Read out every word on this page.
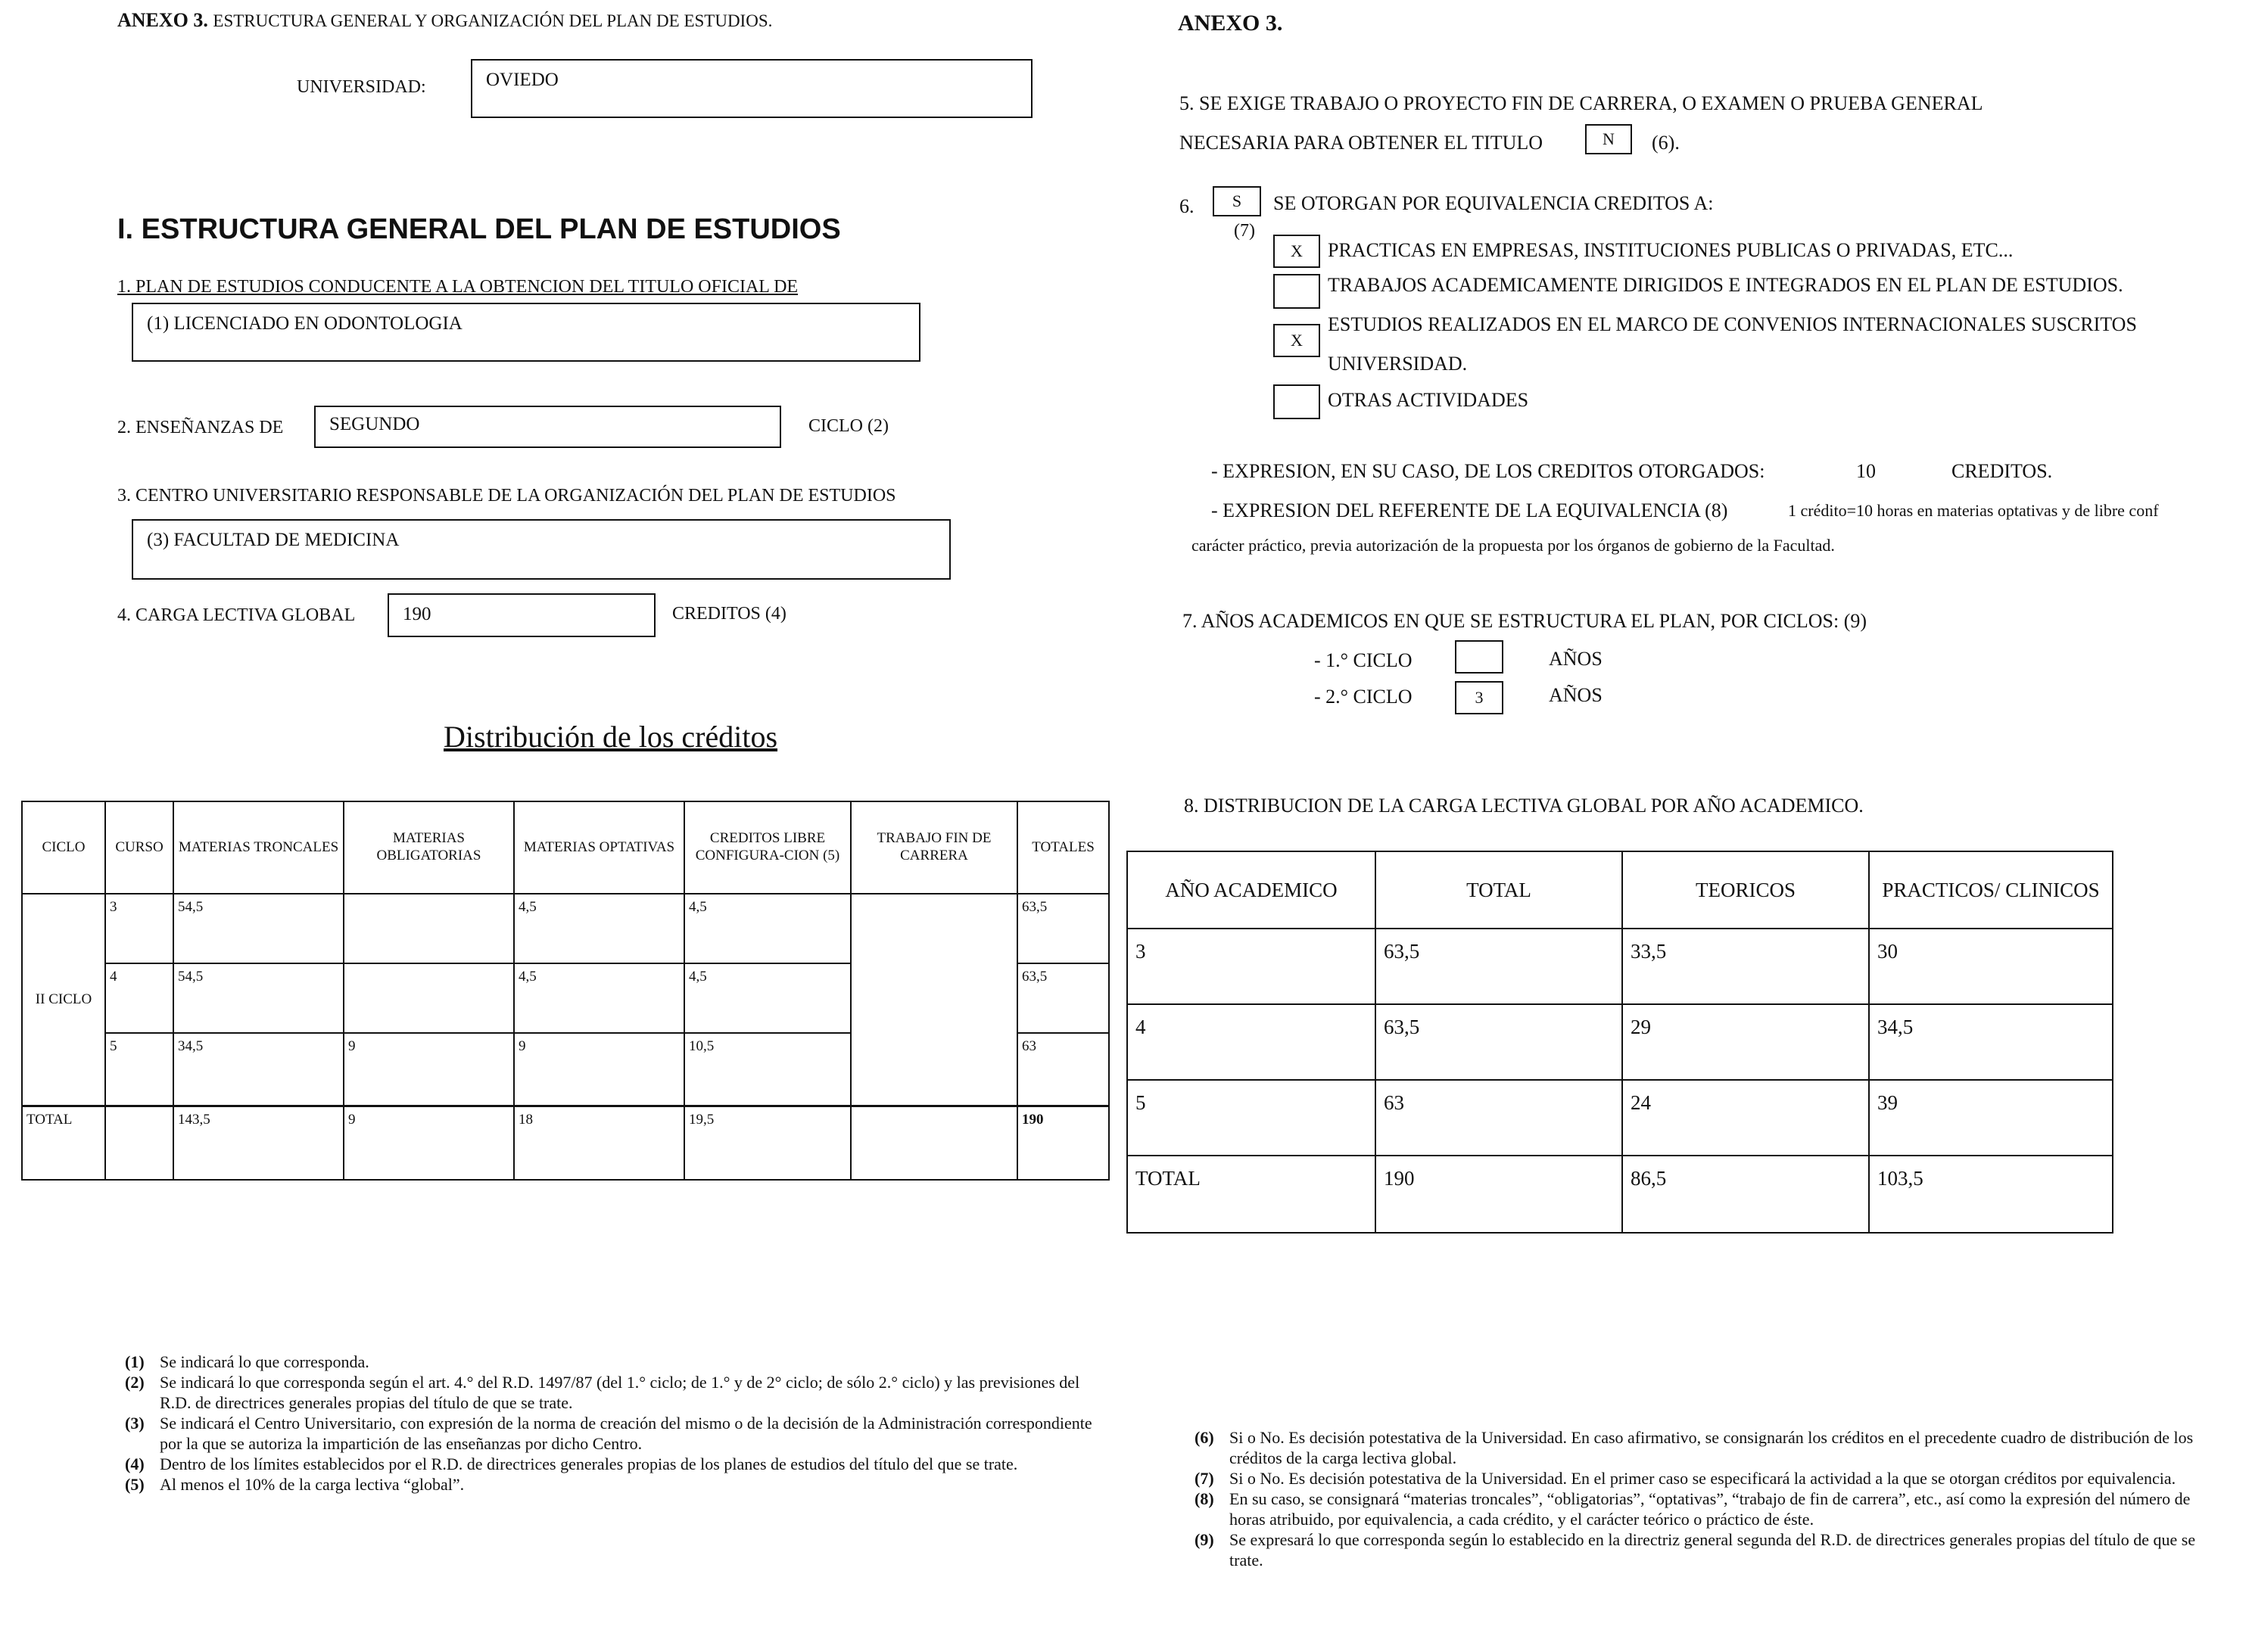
ANEXO 3. ESTRUCTURA GENERAL Y ORGANIZACIÓN DEL PLAN DE ESTUDIOS.
UNIVERSIDAD:	OVIEDO
I. ESTRUCTURA GENERAL DEL PLAN DE ESTUDIOS
1. PLAN DE ESTUDIOS CONDUCENTE A LA OBTENCION DEL TITULO OFICIAL DE
(1) LICENCIADO EN ODONTOLOGIA
2. ENSEÑANZAS DE SEGUNDO	CICLO (2)
3. CENTRO UNIVERSITARIO RESPONSABLE DE LA ORGANIZACIÓN DEL PLAN DE ESTUDIOS
(3) FACULTAD DE MEDICINA
4. CARGA LECTIVA GLOBAL	190	CREDITOS (4)
Distribución de los créditos
CICLO	CURSO	MATERIAS TRONCALES	MATERIAS OBLIGATORIAS	MATERIAS OPTATIVAS	CREDITOS LIBRE CONFIGURA-CION (5)	TRABAJO FIN DE CARRERA	TOTALES
II CICLO	3	54,5		4,5	4,5		63,5
	4	54,5		4,5	4,5		63,5
	5	34,5	9	9	10,5		63
TOTAL		143,5	9	18	19,5		190
(1) Se indicará lo que corresponda.

(2) Se indicará lo que corresponda según el art. 4.° del R.D. 1497/87 (del 1.° ciclo; de 1.° y de 2° ciclo; de sólo 2.° ciclo) y las previsiones del R.D. de directrices generales propias del título de que se trate.

(3) Se indicará el Centro Universitario, con expresión de la norma de creación del mismo o de la decisión de la Administración correspondiente por la que se autoriza la impartición de las enseñanzas por dicho Centro.

(4) Dentro de los límites establecidos por el R.D. de directrices generales propias de los planes de estudios del título del que se trate.

(5) Al menos el 10% de la carga lectiva “global”.

ANEXO 3.
5. SE EXIGE TRABAJO O PROYECTO FIN DE CARRERA, O EXAMEN O PRUEBA GENERAL
NECESARIA PARA OBTENER EL TITULO	N	(6).
6.	S
(7)
SE OTORGAN POR EQUIVALENCIA CREDITOS A:
X	PRACTICAS EN EMPRESAS, INSTITUCIONES PUBLICAS O PRIVADAS, ETC...
TRABAJOS ACADEMICAMENTE DIRIGIDOS E INTEGRADOS EN EL PLAN DE ESTUDIOS.
X
ESTUDIOS REALIZADOS EN EL MARCO DE CONVENIOS INTERNACIONALES SUSCRITOS
UNIVERSIDAD.
OTRAS ACTIVIDADES
- EXPRESION, EN SU CASO, DE LOS CREDITOS OTORGADOS:	10	CREDITOS.
- EXPRESION DEL REFERENTE DE LA EQUIVALENCIA (8)	1 crédito=10 horas en materias optativas y de libre conf
carácter práctico, previa autorización de la propuesta por los órganos de gobierno de la Facultad.
7. AÑOS ACADEMICOS EN QUE SE ESTRUCTURA EL PLAN, POR CICLOS: (9)
- 1.° CICLO	AÑOS
- 2.° CICLO	3	AÑOS
8. DISTRIBUCION DE LA CARGA LECTIVA GLOBAL POR AÑO ACADEMICO.
AÑO ACADEMICO	TOTAL	TEORICOS	PRACTICOS/ CLINICOS
3	63,5	33,5	30
4	63,5	29	34,5
5	63	24	39
TOTAL	190	86,5	103,5
(6) Si o No. Es decisión potestativa de la Universidad. En caso afirmativo, se consignarán los créditos en el precedente cuadro de distribución de los créditos de la carga lectiva global.

(7) Si o No. Es decisión potestativa de la Universidad. En el primer caso se especificará la actividad a la que se otorgan créditos por equivalencia.

(8) En su caso, se consignará “materias troncales”, “obligatorias”, “optativas”, “trabajo de fin de carrera”, etc., así como la expresión del número de horas atribuido, por equivalencia, a cada crédito, y el carácter teórico o práctico de éste.

(9) Se expresará lo que corresponda según lo establecido en la directriz general segunda del R.D. de directrices generales propias del título de que se trate.
